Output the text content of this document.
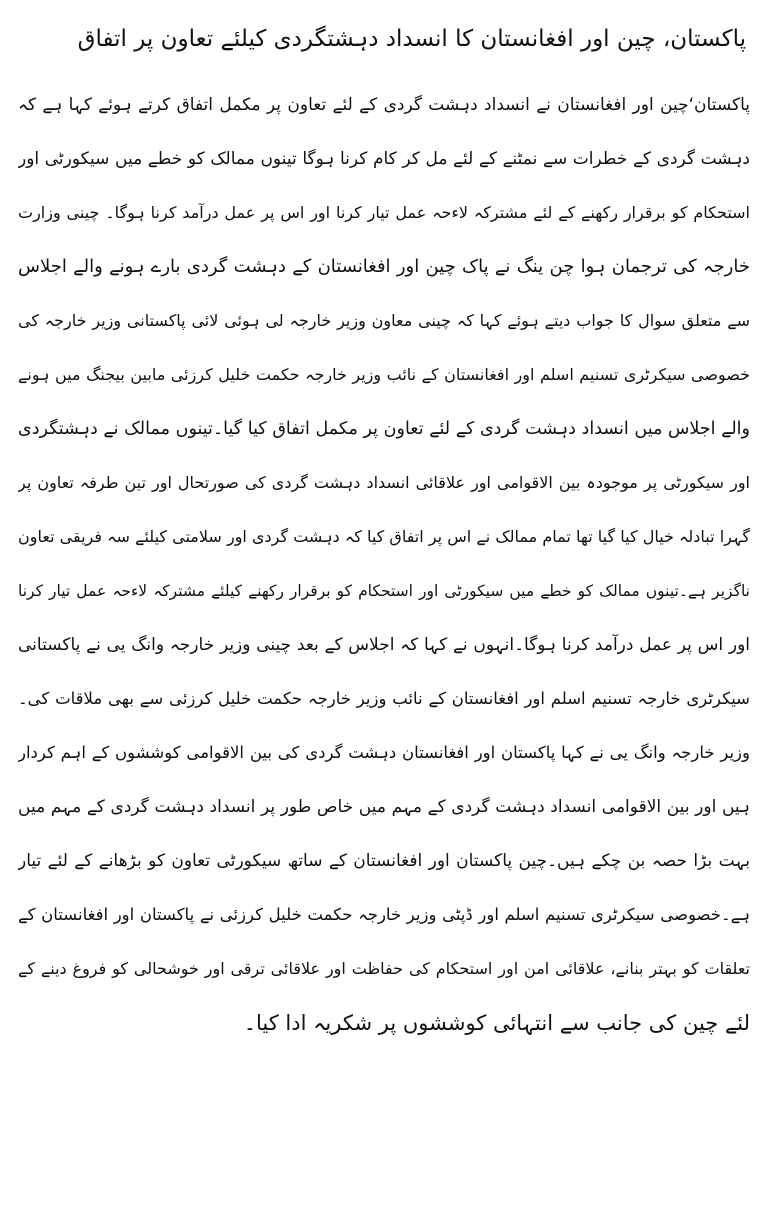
پاکستان، چین اور افغانستان کا انسداد دہشتگردی کیلئے تعاون پر اتفاق
پاکستان‘چین اور افغانستان نے انسداد دہشت گردی کے لئے تعاون پر مکمل اتفاق کرتے ہوئے کہا ہے کہ
دہشت گردی کے خطرات سے نمٹنے کے لئے مل کر کام کرنا ہوگا تینوں ممالک کو خطے میں سیکورٹی اور
استحکام کو برقرار رکھنے کے لئے مشترکہ لاءحہ عمل تیار کرنا اور اس پر عمل درآمد کرنا ہوگا۔ چینی وزارت
خارجہ کی ترجمان ہوا چن ینگ نے پاک چین اور افغانستان کے دہشت گردی بارے ہونے والے اجلاس
سے متعلق سوال کا جواب دیتے ہوئے کہا کہ چینی معاون وزیر خارجہ لی ہوئی لائی پاکستانی وزیر خارجہ کی
خصوصی سیکرٹری تسنیم اسلم اور افغانستان کے نائب وزیر خارجہ حکمت خلیل کرزئی مابین بیجنگ میں ہونے
والے اجلاس میں انسداد دہشت گردی کے لئے تعاون پر مکمل اتفاق کیا گیا۔تینوں ممالک نے دہشتگردی
اور سیکورٹی پر موجودہ بین الاقوامی اور علاقائی انسداد دہشت گردی کی صورتحال اور تین طرفہ تعاون پر
گہرا تبادلہ خیال کیا گیا تھا تمام ممالک نے اس پر اتفاق کیا کہ دہشت گردی اور سلامتی کیلئے سہ فریقی تعاون
ناگزیر ہے۔تینوں ممالک کو خطے میں سیکورٹی اور استحکام کو برقرار رکھنے کیلئے مشترکہ لاءحہ عمل تیار کرنا
اور اس پر عمل درآمد کرنا ہوگا۔انہوں نے کہا کہ اجلاس کے بعد چینی وزیر خارجہ وانگ یی نے پاکستانی
سیکرٹری خارجہ تسنیم اسلم اور افغانستان کے نائب وزیر خارجہ حکمت خلیل کرزئی سے بھی ملاقات کی۔
وزیر خارجہ وانگ یی نے کہا پاکستان اور افغانستان دہشت گردی کی بین الاقوامی کوششوں کے اہم کردار
ہیں اور بین الاقوامی انسداد دہشت گردی کے مہم میں خاص طور پر انسداد دہشت گردی کے مہم میں
بہت بڑا حصہ بن چکے ہیں۔چین پاکستان اور افغانستان کے ساتھ سیکورٹی تعاون کو بڑھانے کے لئے تیار
ہے۔خصوصی سیکرٹری تسنیم اسلم اور ڈپٹی وزیر خارجہ حکمت خلیل کرزئی نے پاکستان اور افغانستان کے
تعلقات کو بہتر بنانے، علاقائی امن اور استحکام کی حفاظت اور علاقائی ترقی اور خوشحالی کو فروغ دینے کے
لئے چین کی جانب سے انتہائی کوششوں پر شکریہ ادا کیا۔
